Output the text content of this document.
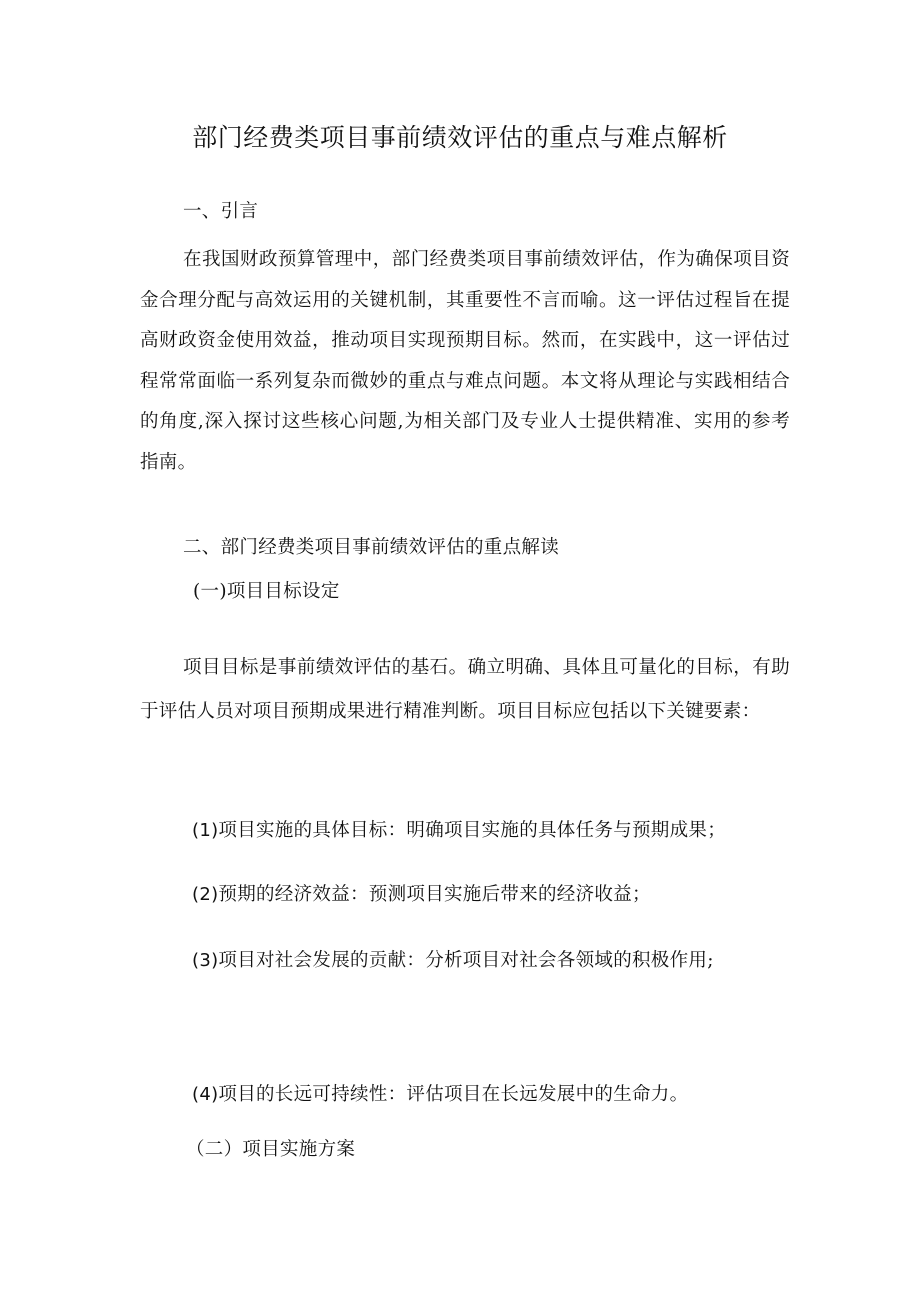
部门经费类项目事前绩效评估的重点与难点解析

一、引言

在我国财政预算管理中，部门经费类项目事前绩效评估，作为确保项目资金合理分配与高效运用的关键机制，其重要性不言而喻。这一评估过程旨在提高财政资金使用效益，推动项目实现预期目标。然而，在实践中，这一评估过程常常面临一系列复杂而微妙的重点与难点问题。本文将从理论与实践相结合的角度,深入探讨这些核心问题,为相关部门及专业人士提供精准、实用的参考指南。

二、部门经费类项目事前绩效评估的重点解读

(一)项目目标设定

项目目标是事前绩效评估的基石。确立明确、具体且可量化的目标，有助于评估人员对项目预期成果进行精准判断。项目目标应包括以下关键要素：

(1)项目实施的具体目标：明确项目实施的具体任务与预期成果；

(2)预期的经济效益：预测项目实施后带来的经济收益；

(3)项目对社会发展的贡献：分析项目对社会各领域的积极作用;

(4)项目的长远可持续性：评估项目在长远发展中的生命力。

（二）项目实施方案
